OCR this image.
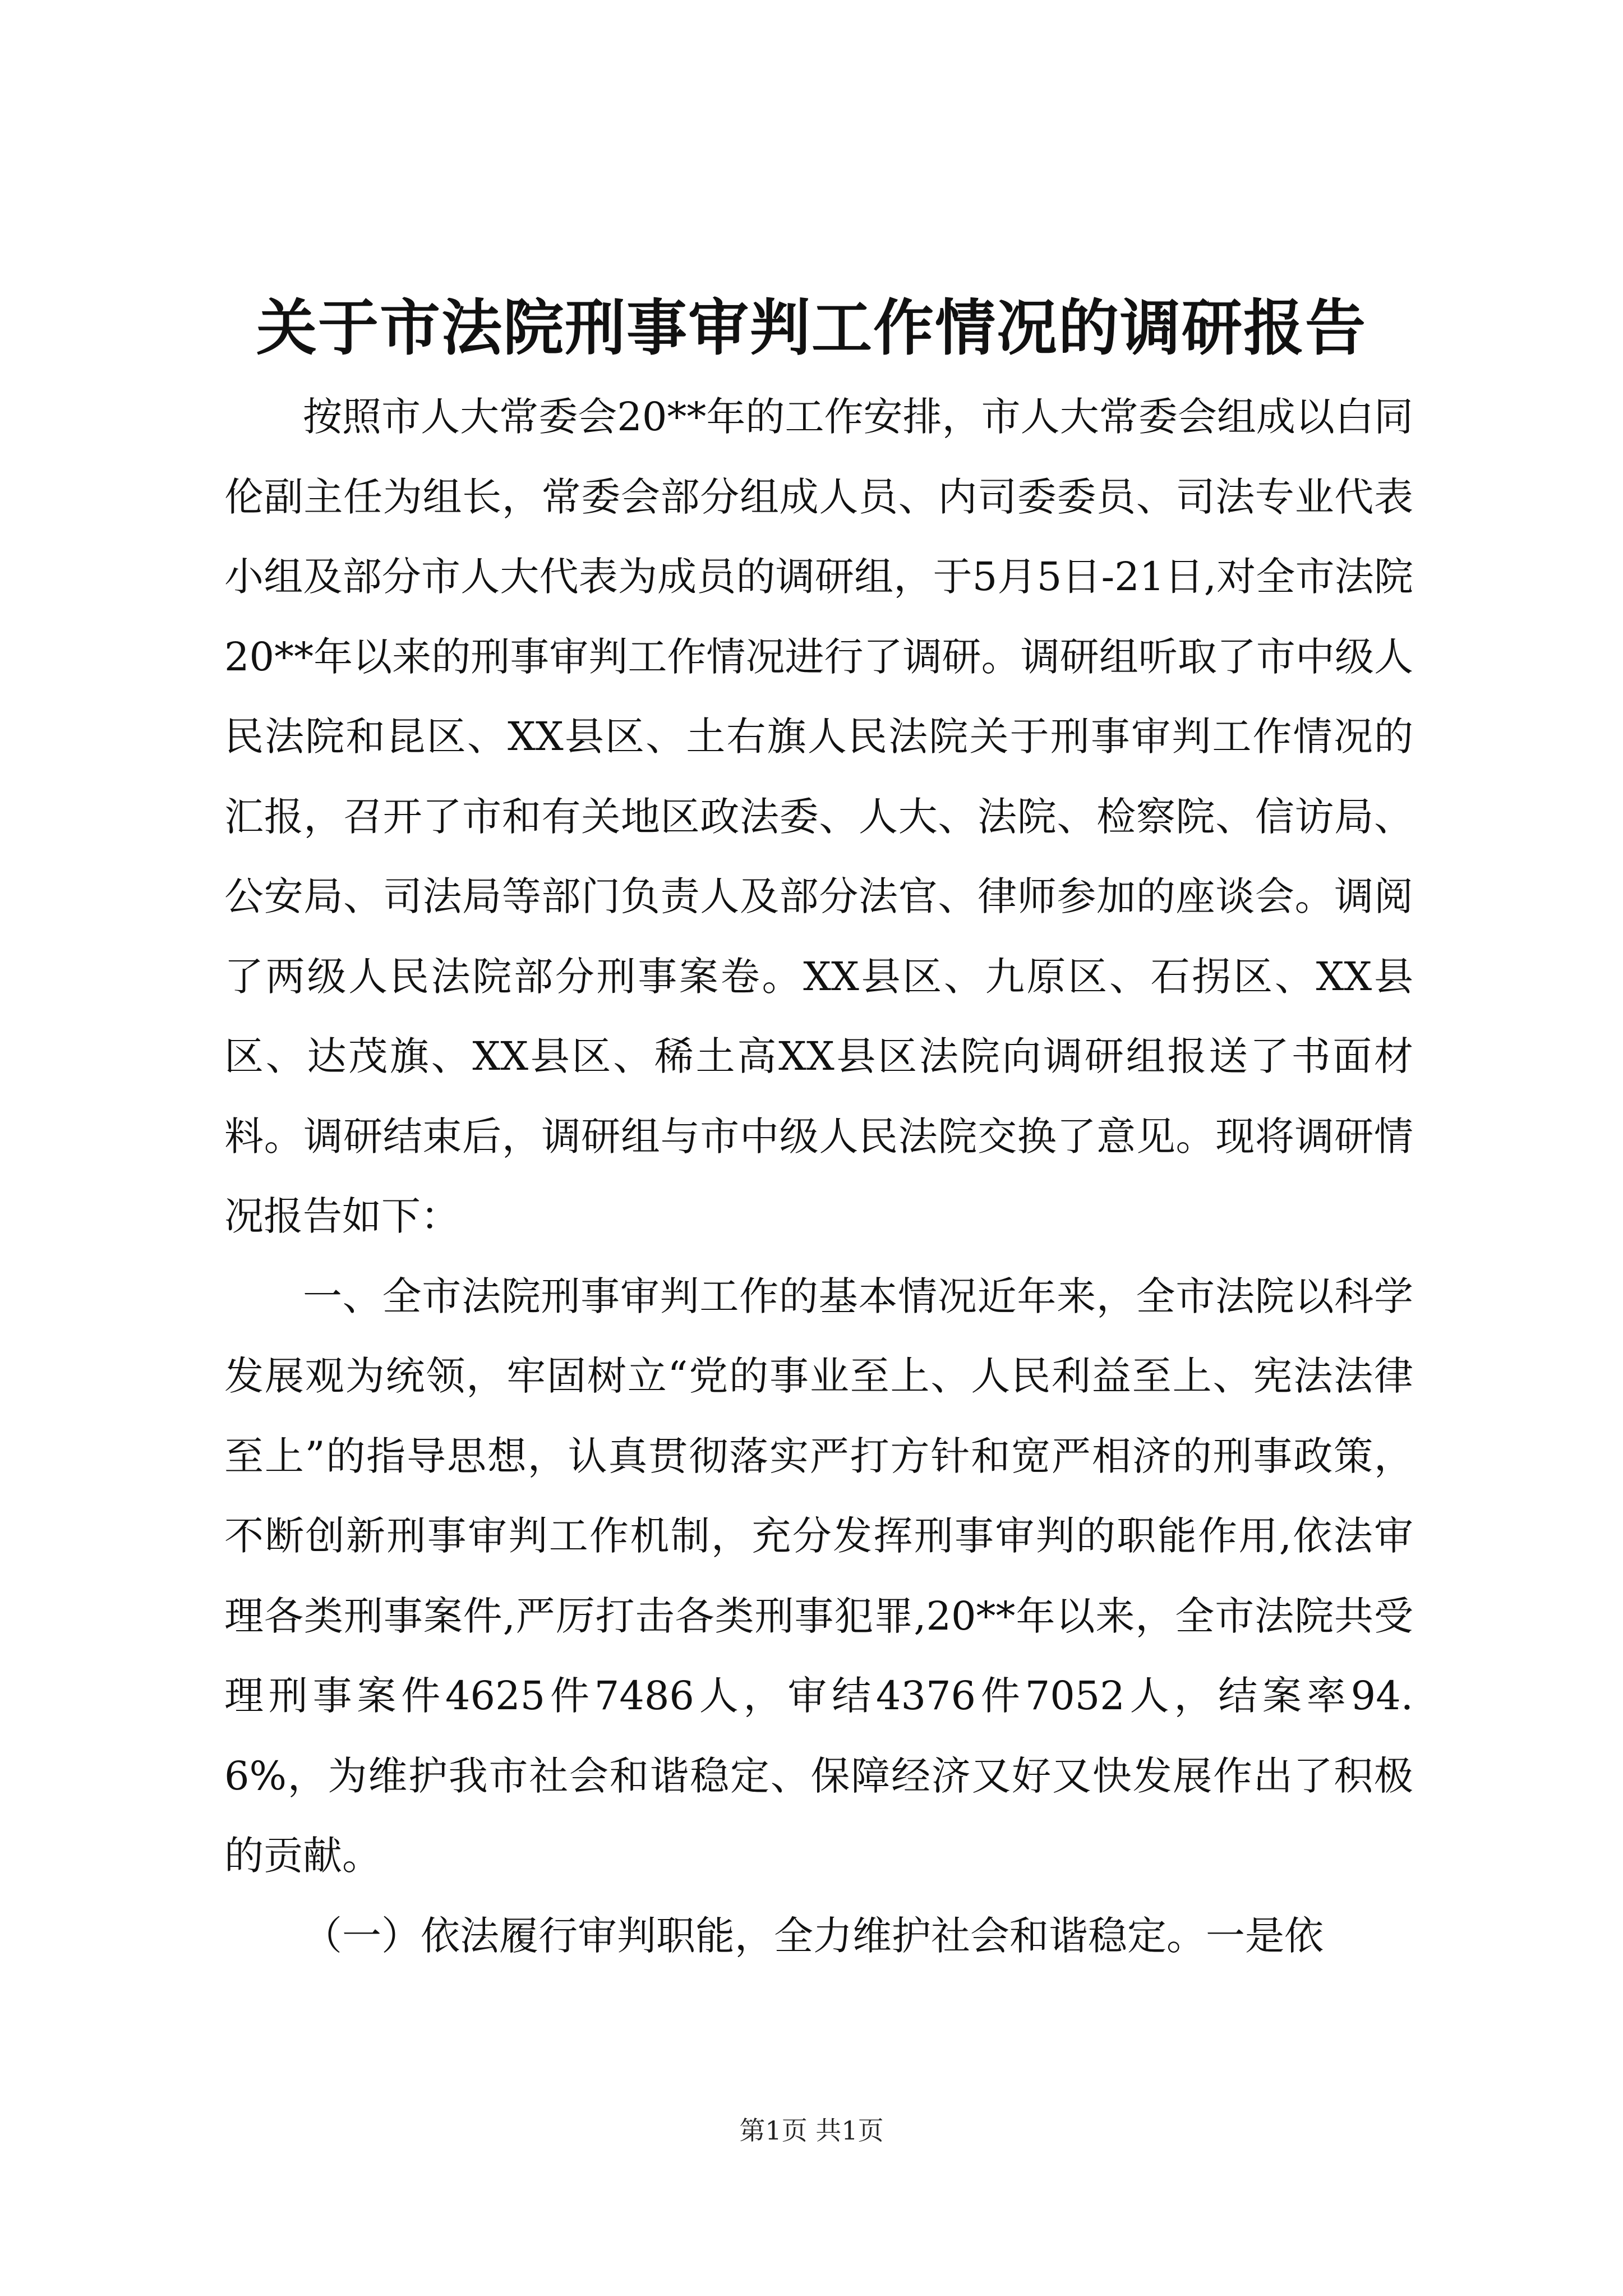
关于市法院刑事审判工作情况的调研报告

按照市人大常委会20**年的工作安排，市人大常委会组成以白同伦副主任为组长，常委会部分组成人员、内司委委员、司法专业代表小组及部分市人大代表为成员的调研组，于5月5日-21日,对全市法院20**年以来的刑事审判工作情况进行了调研。调研组听取了市中级人民法院和昆区、XX县区、土右旗人民法院关于刑事审判工作情况的汇报，召开了市和有关地区政法委、人大、法院、检察院、信访局、公安局、司法局等部门负责人及部分法官、律师参加的座谈会。调阅了两级人民法院部分刑事案卷。XX县区、九原区、石拐区、XX县区、达茂旗、XX县区、稀土高XX县区法院向调研组报送了书面材料。调研结束后，调研组与市中级人民法院交换了意见。现将调研情况报告如下：

一、全市法院刑事审判工作的基本情况近年来，全市法院以科学发展观为统领，牢固树立“党的事业至上、人民利益至上、宪法法律至上”的指导思想，认真贯彻落实严打方针和宽严相济的刑事政策，不断创新刑事审判工作机制，充分发挥刑事审判的职能作用,依法审理各类刑事案件,严厉打击各类刑事犯罪,20**年以来，全市法院共受理刑事案件4625件7486人，审结4376件7052人，结案率94.6%，为维护我市社会和谐稳定、保障经济又好又快发展作出了积极的贡献。

（一）依法履行审判职能，全力维护社会和谐稳定。一是依

第1页 共1页
